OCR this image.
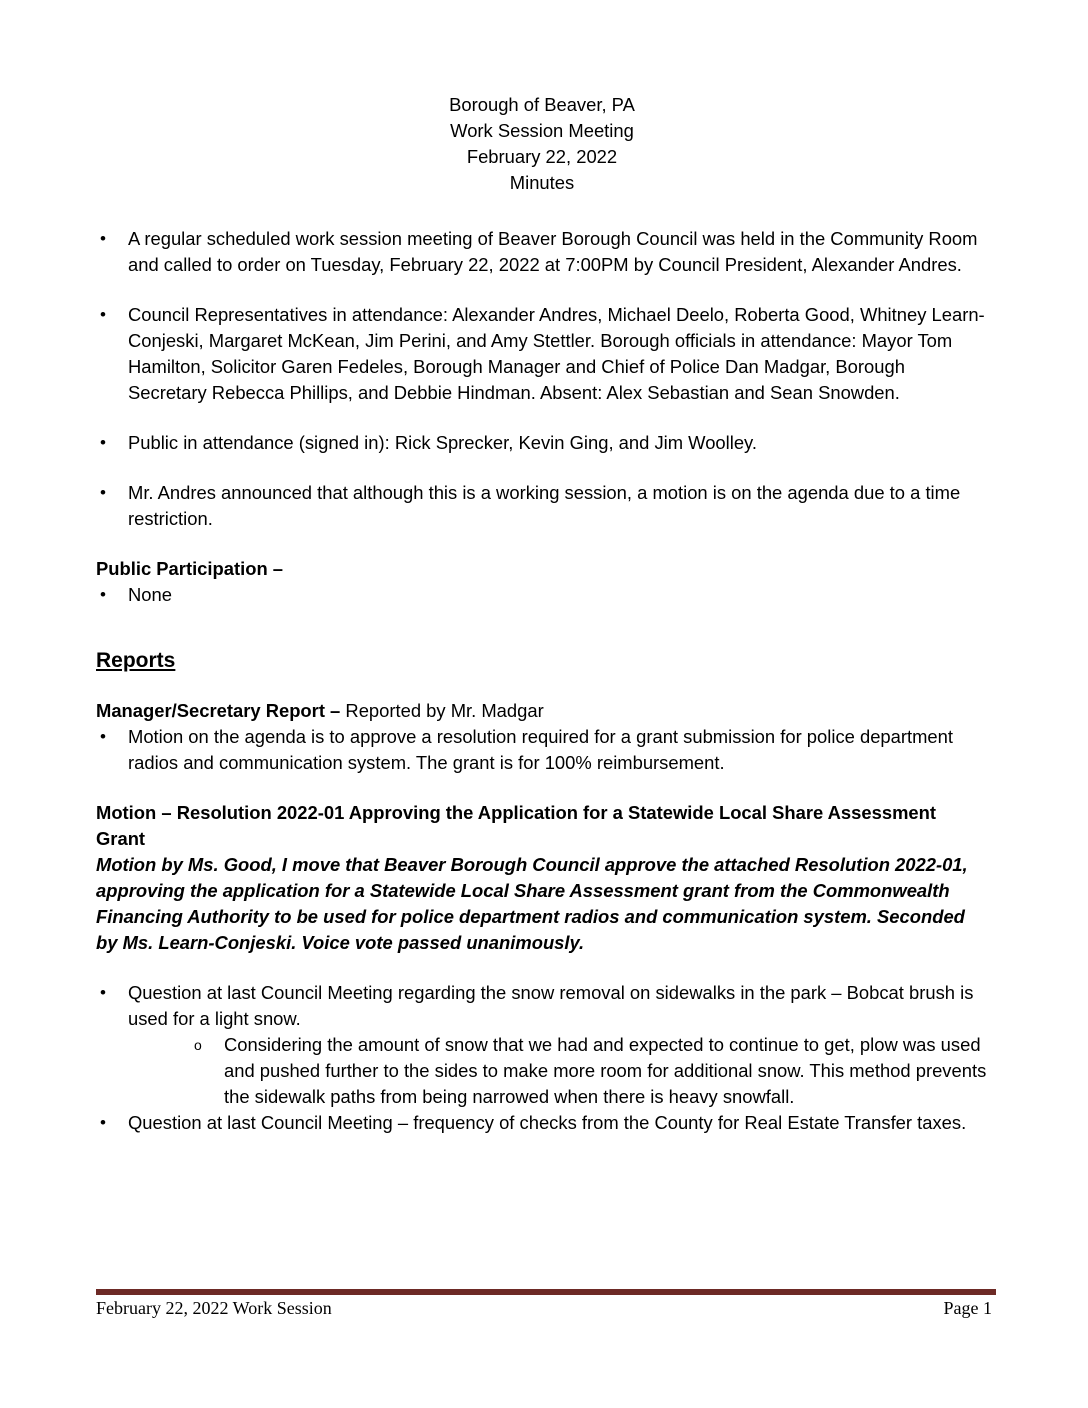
Borough of Beaver, PA
Work Session Meeting
February 22, 2022
Minutes
• A regular scheduled work session meeting of Beaver Borough Council was held in the Community Room and called to order on Tuesday, February 22, 2022 at 7:00PM by Council President, Alexander Andres.
• Council Representatives in attendance: Alexander Andres, Michael Deelo, Roberta Good, Whitney Learn-Conjeski, Margaret McKean, Jim Perini, and Amy Stettler. Borough officials in attendance: Mayor Tom Hamilton, Solicitor Garen Fedeles, Borough Manager and Chief of Police Dan Madgar, Borough Secretary Rebecca Phillips, and Debbie Hindman. Absent: Alex Sebastian and Sean Snowden.
• Public in attendance (signed in): Rick Sprecker, Kevin Ging, and Jim Woolley.
• Mr. Andres announced that although this is a working session, a motion is on the agenda due to a time restriction.
Public Participation –
• None
Reports
Manager/Secretary Report – Reported by Mr. Madgar
• Motion on the agenda is to approve a resolution required for a grant submission for police department radios and communication system. The grant is for 100% reimbursement.
Motion – Resolution 2022-01 Approving the Application for a Statewide Local Share Assessment Grant
Motion by Ms. Good, I move that Beaver Borough Council approve the attached Resolution 2022-01, approving the application for a Statewide Local Share Assessment grant from the Commonwealth Financing Authority to be used for police department radios and communication system. Seconded by Ms. Learn-Conjeski. Voice vote passed unanimously.
• Question at last Council Meeting regarding the snow removal on sidewalks in the park – Bobcat brush is used for a light snow.
o Considering the amount of snow that we had and expected to continue to get, plow was used and pushed further to the sides to make more room for additional snow. This method prevents the sidewalk paths from being narrowed when there is heavy snowfall.
• Question at last Council Meeting – frequency of checks from the County for Real Estate Transfer taxes.
February 22, 2022 Work Session	Page 1
